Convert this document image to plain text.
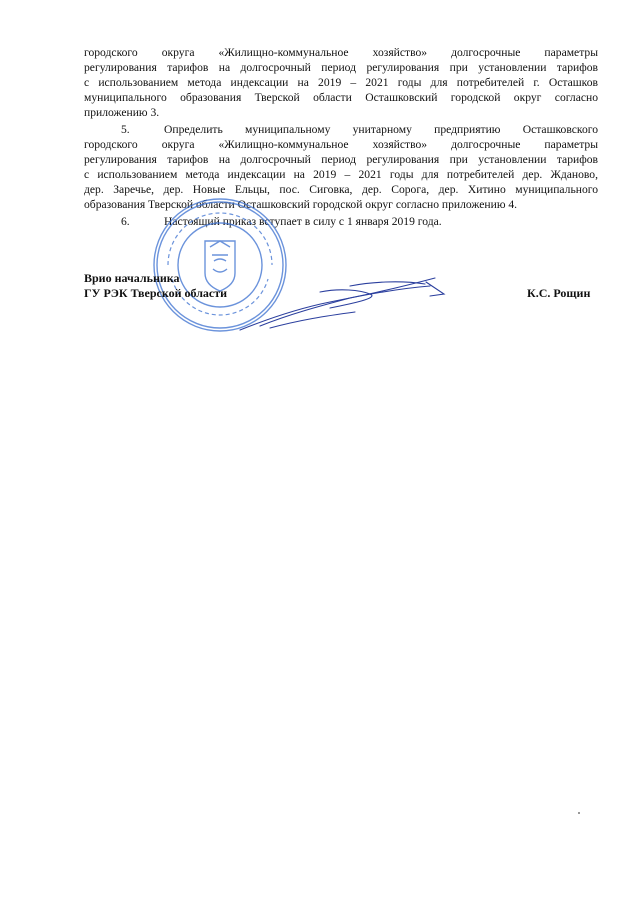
городского округа «Жилищно-коммунальное хозяйство» долгосрочные параметры
регулирования тарифов на долгосрочный период регулирования при установлении тарифов
с использованием метода индексации на 2019 – 2021 годы для потребителей г. Осташков
муниципального образования Тверской области Осташковский городской округ согласно
приложению 3.
5.	Определить муниципальному унитарному предприятию Осташковского
городского округа «Жилищно-коммунальное хозяйство» долгосрочные параметры
регулирования тарифов на долгосрочный период регулирования при установлении тарифов
с использованием метода индексации на 2019 – 2021 годы для потребителей дер. Жданово,
дер. Заречье, дер. Новые Ельцы, пос. Сиговка, дер. Сорога, дер. Хитино муниципального
образования Тверской области Осташковский городской округ согласно приложению 4.
6.	Настоящий приказ вступает в силу с 1 января 2019 года.
Врио начальника
ГУ РЭК Тверской области	К.С. Рощин
